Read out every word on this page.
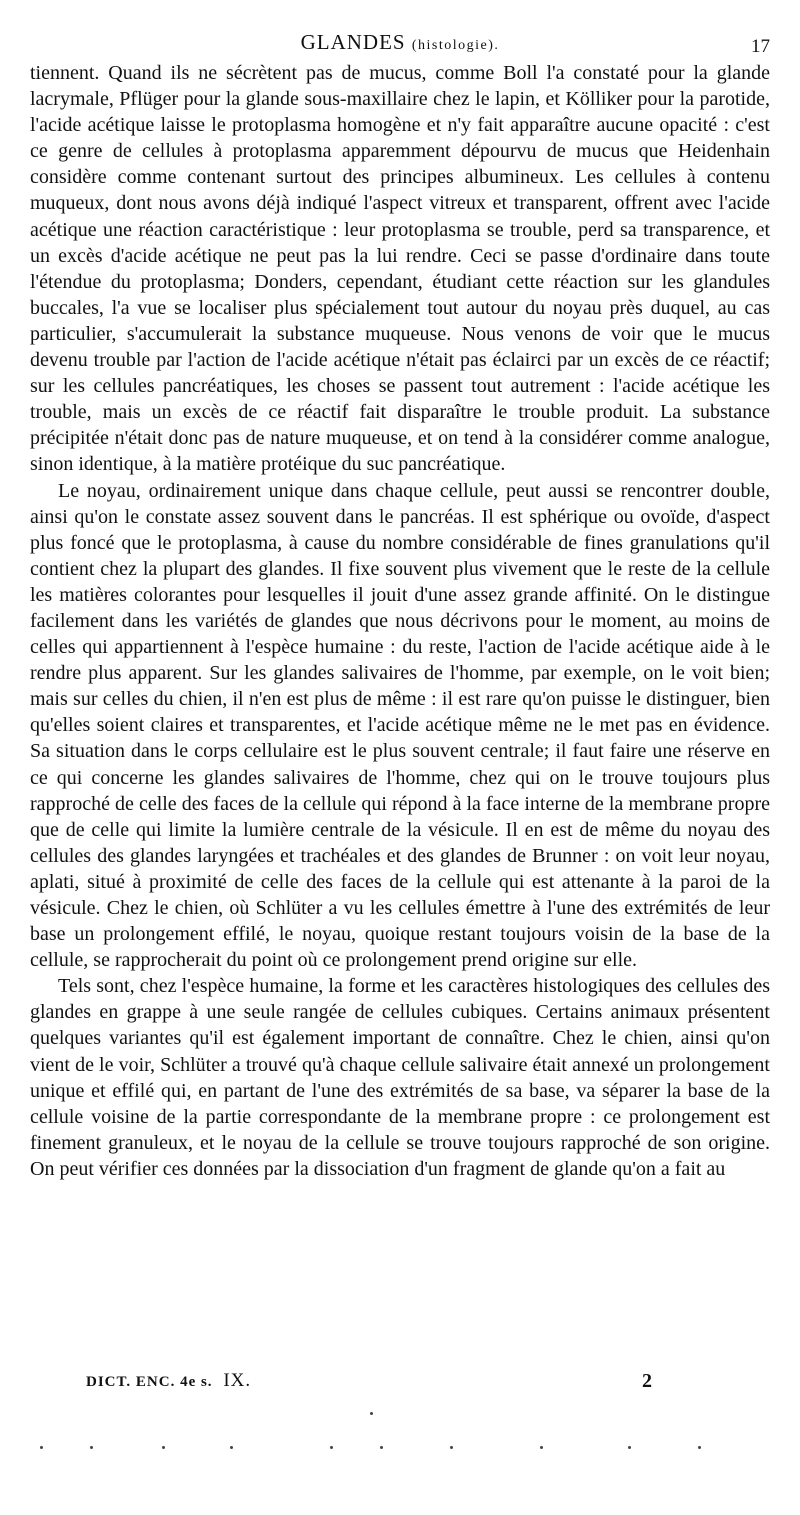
GLANDES (histologie).	17

tiennent. Quand ils ne sécrètent pas de mucus, comme Boll l'a constaté pour la glande lacrymale, Pflüger pour la glande sous-maxillaire chez le lapin, et Kölliker pour la parotide, l'acide acétique laisse le protoplasma homogène et n'y fait apparaître aucune opacité : c'est ce genre de cellules à protoplasma apparemment dépourvu de mucus que Heidenhain considère comme contenant surtout des principes albumineux. Les cellules à contenu muqueux, dont nous avons déjà indiqué l'aspect vitreux et transparent, offrent avec l'acide acétique une réaction caractéristique : leur protoplasma se trouble, perd sa transparence, et un excès d'acide acétique ne peut pas la lui rendre. Ceci se passe d'ordinaire dans toute l'étendue du protoplasma; Donders, cependant, étudiant cette réaction sur les glandules buccales, l'a vue se localiser plus spécialement tout autour du noyau près duquel, au cas particulier, s'accumulerait la substance muqueuse. Nous venons de voir que le mucus devenu trouble par l'action de l'acide acétique n'était pas éclairci par un excès de ce réactif; sur les cellules pancréatiques, les choses se passent tout autrement : l'acide acétique les trouble, mais un excès de ce réactif fait disparaître le trouble produit. La substance précipitée n'était donc pas de nature muqueuse, et on tend à la considérer comme analogue, sinon identique, à la matière protéique du suc pancréatique.

Le noyau, ordinairement unique dans chaque cellule, peut aussi se rencontrer double, ainsi qu'on le constate assez souvent dans le pancréas. Il est sphérique ou ovoïde, d'aspect plus foncé que le protoplasma, à cause du nombre considérable de fines granulations qu'il contient chez la plupart des glandes. Il fixe souvent plus vivement que le reste de la cellule les matières colorantes pour lesquelles il jouit d'une assez grande affinité. On le distingue facilement dans les variétés de glandes que nous décrivons pour le moment, au moins de celles qui appartiennent à l'espèce humaine : du reste, l'action de l'acide acétique aide à le rendre plus apparent. Sur les glandes salivaires de l'homme, par exemple, on le voit bien; mais sur celles du chien, il n'en est plus de même : il est rare qu'on puisse le distinguer, bien qu'elles soient claires et transparentes, et l'acide acétique même ne le met pas en évidence. Sa situation dans le corps cellulaire est le plus souvent centrale; il faut faire une réserve en ce qui concerne les glandes salivaires de l'homme, chez qui on le trouve toujours plus rapproché de celle des faces de la cellule qui répond à la face interne de la membrane propre que de celle qui limite la lumière centrale de la vésicule. Il en est de même du noyau des cellules des glandes laryngées et trachéales et des glandes de Brunner : on voit leur noyau, aplati, situé à proximité de celle des faces de la cellule qui est attenante à la paroi de la vésicule. Chez le chien, où Schlüter a vu les cellules émettre à l'une des extrémités de leur base un prolongement effilé, le noyau, quoique restant toujours voisin de la base de la cellule, se rapprocherait du point où ce prolongement prend origine sur elle.

Tels sont, chez l'espèce humaine, la forme et les caractères histologiques des cellules des glandes en grappe à une seule rangée de cellules cubiques. Certains animaux présentent quelques variantes qu'il est également important de connaître. Chez le chien, ainsi qu'on vient de le voir, Schlüter a trouvé qu'à chaque cellule salivaire était annexé un prolongement unique et effilé qui, en partant de l'une des extrémités de sa base, va séparer la base de la cellule voisine de la partie correspondante de la membrane propre : ce prolongement est finement granuleux, et le noyau de la cellule se trouve toujours rapproché de son origine. On peut vérifier ces données par la dissociation d'un fragment de glande qu'on a fait au

DICT. ENC. 4e s. IX.	2
